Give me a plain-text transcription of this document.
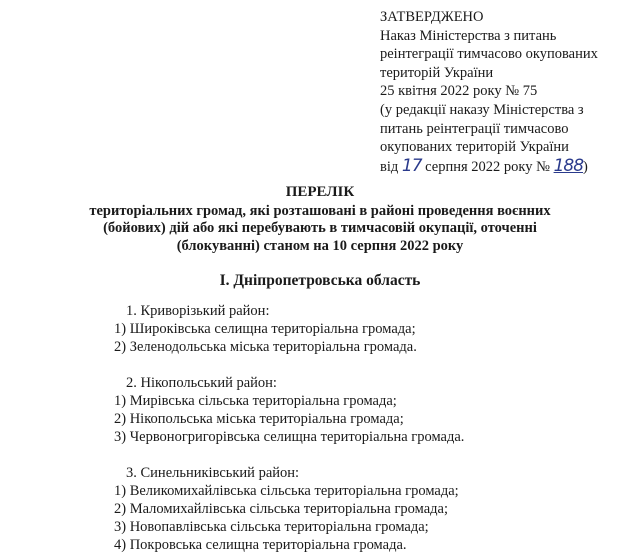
ЗАТВЕРДЖЕНО
Наказ Міністерства з питань
реінтеграції тимчасово окупованих
територій України
25 квітня 2022 року № 75
(у редакції наказу Міністерства з
питань реінтеграції тимчасово
окупованих територій України
від 17 серпня 2022 року № 188)
ПЕРЕЛІК
територіальних громад, які розташовані в районі проведення воєнних
(бойових) дій або які перебувають в тимчасовій окупації, оточенні
(блокуванні) станом на 10 серпня 2022 року
І. Дніпропетровська область
1. Криворізький район:
1) Широківська селищна територіальна громада;
2) Зеленодольська міська територіальна громада.
2. Нікопольський район:
1) Мирівська сільська територіальна громада;
2) Нікопольська міська територіальна громада;
3) Червоногригорівська селищна територіальна громада.
3. Синельниківський район:
1) Великомихайлівська сільська територіальна громада;
2) Маломихайлівська сільська територіальна громада;
3) Новопавлівська сільська територіальна громада;
4) Покровська селищна територіальна громада.
